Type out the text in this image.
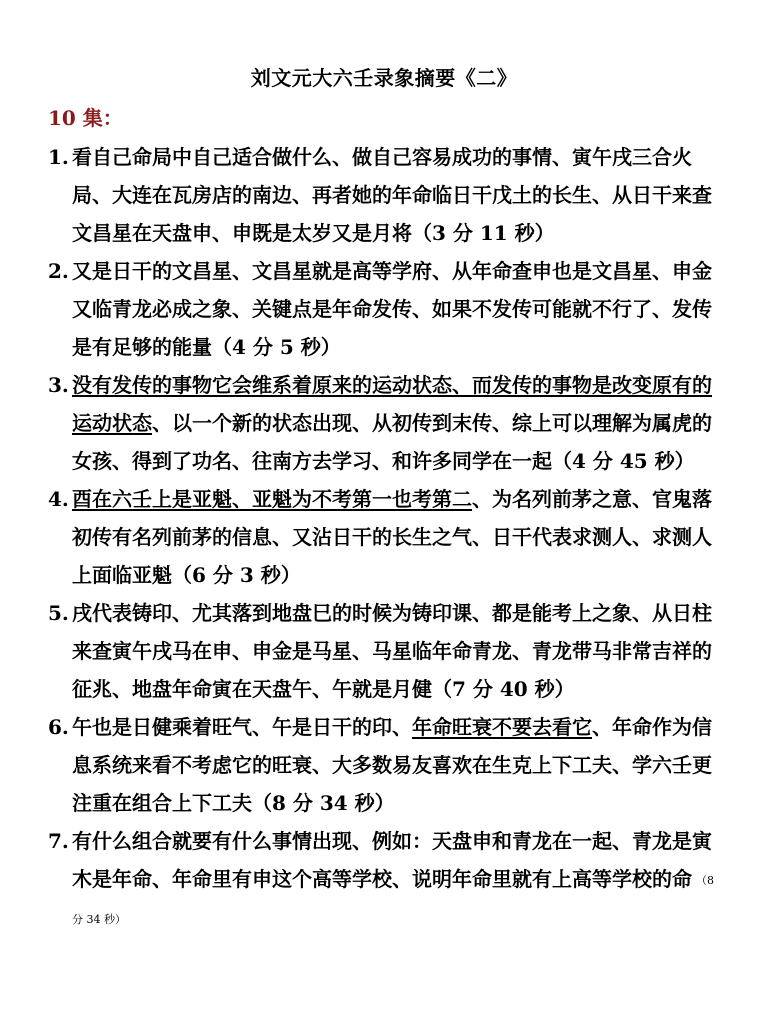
刘文元大六壬录象摘要《二》
10 集：
1. 看自己命局中自己适合做什么、做自己容易成功的事情、寅午戌三合火局、大连在瓦房店的南边、再者她的年命临日干戊土的长生、从日干来查文昌星在天盘申、申既是太岁又是月将（3 分 11 秒）
2. 又是日干的文昌星、文昌星就是高等学府、从年命查申也是文昌星、申金又临青龙必成之象、关键点是年命发传、如果不发传可能就不行了、发传是有足够的能量（4 分 5 秒）
3. 没有发传的事物它会维系着原来的运动状态、而发传的事物是改变原有的运动状态、以一个新的状态出现、从初传到末传、综上可以理解为属虎的女孩、得到了功名、往南方去学习、和许多同学在一起（4 分 45 秒）
4. 酉在六壬上是亚魁、亚魁为不考第一也考第二、为名列前茅之意、官鬼落初传有名列前茅的信息、又沾日干的长生之气、日干代表求测人、求测人上面临亚魁（6 分 3 秒）
5. 戌代表铸印、尤其落到地盘巳的时候为铸印课、都是能考上之象、从日柱来查寅午戌马在申、申金是马星、马星临年命青龙、青龙带马非常吉祥的征兆、地盘年命寅在天盘午、午就是月健（7 分 40 秒）
6. 午也是日健乘着旺气、午是日干的印、年命旺衰不要去看它、年命作为信息系统来看不考虑它的旺衰、大多数易友喜欢在生克上下工夫、学六壬更注重在组合上下工夫（8 分 34 秒）
7. 有什么组合就要有什么事情出现、例如：天盘申和青龙在一起、青龙是寅木是年命、年命里有申这个高等学校、说明年命里就有上高等学校的命 （8 分 34 秒）
